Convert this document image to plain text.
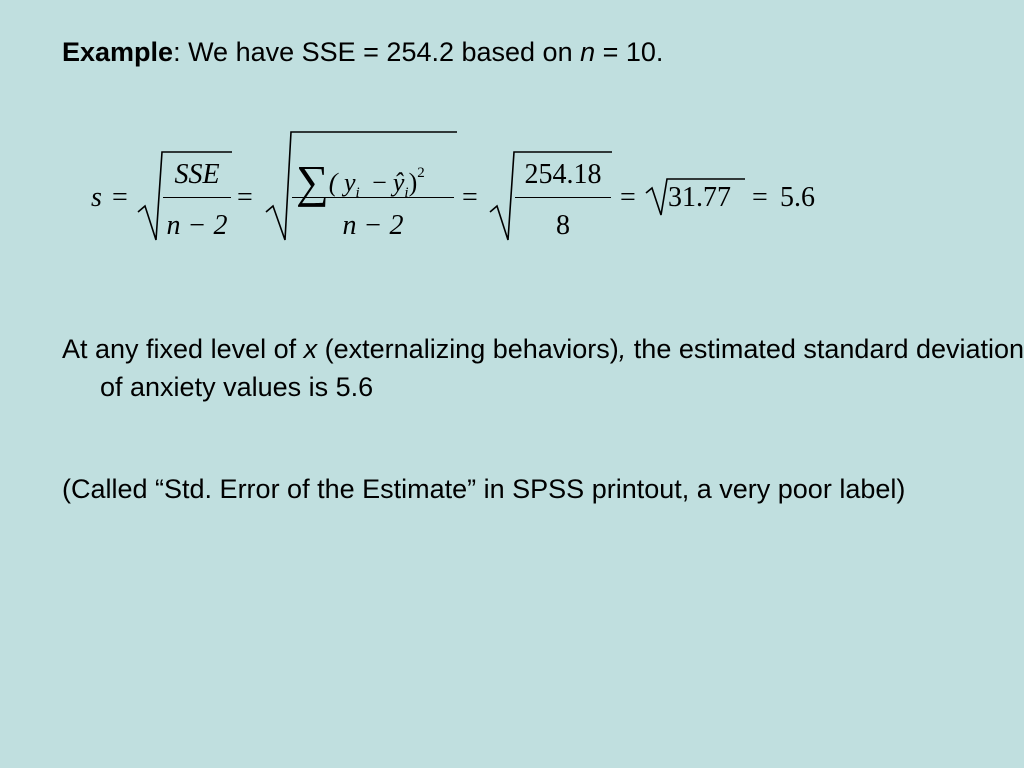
Example: We have SSE = 254.2 based on n = 10.
s =
SSE
n − 2
= ∑( $y_i$ − $ŷ_i)^2$
n − 2
=
254.18
8
= 31.77 = 5.6
At any fixed level of x (externalizing behaviors), the estimated standard deviation of anxiety values is 5.6
(Called “Std. Error of the Estimate” in SPSS printout, a very poor label)
